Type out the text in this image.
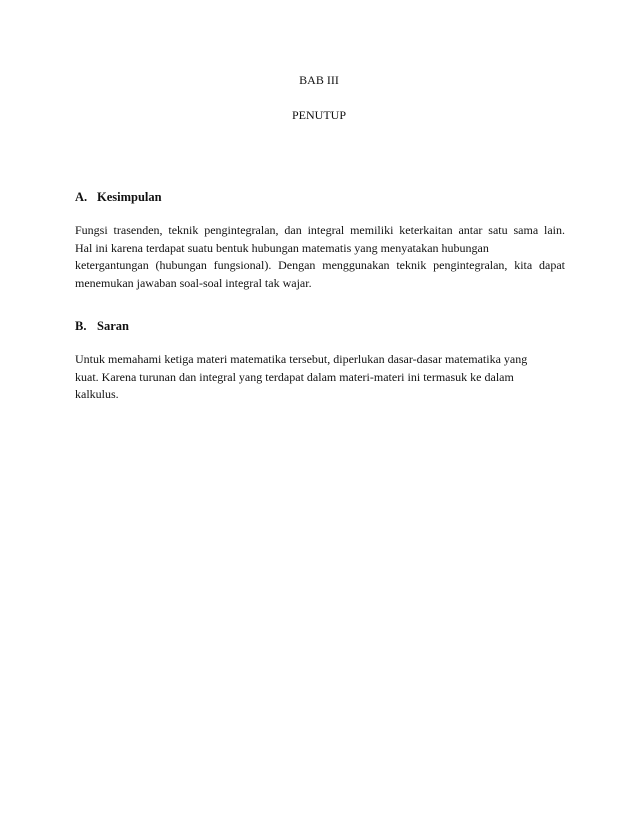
BAB III
PENUTUP
A. Kesimpulan

Fungsi trasenden, teknik pengintegralan, dan integral memiliki keterkaitan antar satu sama lain.
Hal ini karena terdapat suatu bentuk hubungan matematis yang menyatakan hubungan
ketergantungan (hubungan fungsional). Dengan menggunakan teknik pengintegralan, kita dapat
menemukan jawaban soal-soal integral tak wajar.

B. Saran

Untuk memahami ketiga materi matematika tersebut, diperlukan dasar-dasar matematika yang
kuat. Karena turunan dan integral yang terdapat dalam materi-materi ini termasuk ke dalam
kalkulus.
